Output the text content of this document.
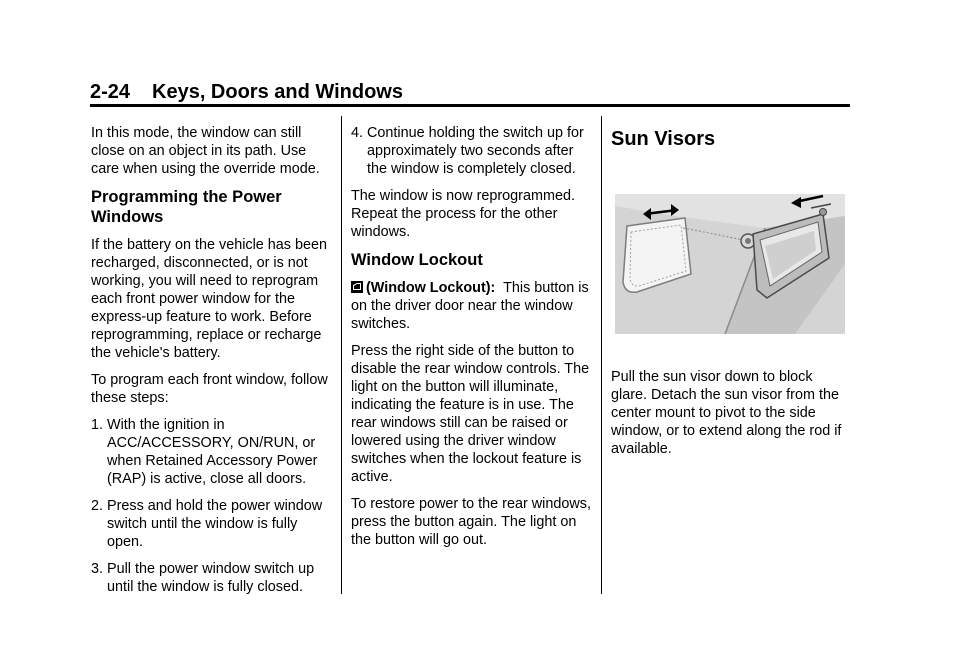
2-24 Keys, Doors and Windows

In this mode, the window can still close on an object in its path. Use care when using the override mode.

Programming the Power Windows

If the battery on the vehicle has been recharged, disconnected, or is not working, you will need to reprogram each front power window for the express-up feature to work. Before reprogramming, replace or recharge the vehicle's battery.

To program each front window, follow these steps:

1. With the ignition in ACC/ACCESSORY, ON/RUN, or when Retained Accessory Power (RAP) is active, close all doors.
2. Press and hold the power window switch until the window is fully open.
3. Pull the power window switch up until the window is fully closed.
4. Continue holding the switch up for approximately two seconds after the window is completely closed.

The window is now reprogrammed. Repeat the process for the other windows.

Window Lockout

(Window Lockout): This button is on the driver door near the window switches.

Press the right side of the button to disable the rear window controls. The light on the button will illuminate, indicating the feature is in use. The rear windows still can be raised or lowered using the driver window switches when the lockout feature is active.

To restore power to the rear windows, press the button again. The light on the button will go out.

Sun Visors

Pull the sun visor down to block glare. Detach the sun visor from the center mount to pivot to the side window, or to extend along the rod if available.
